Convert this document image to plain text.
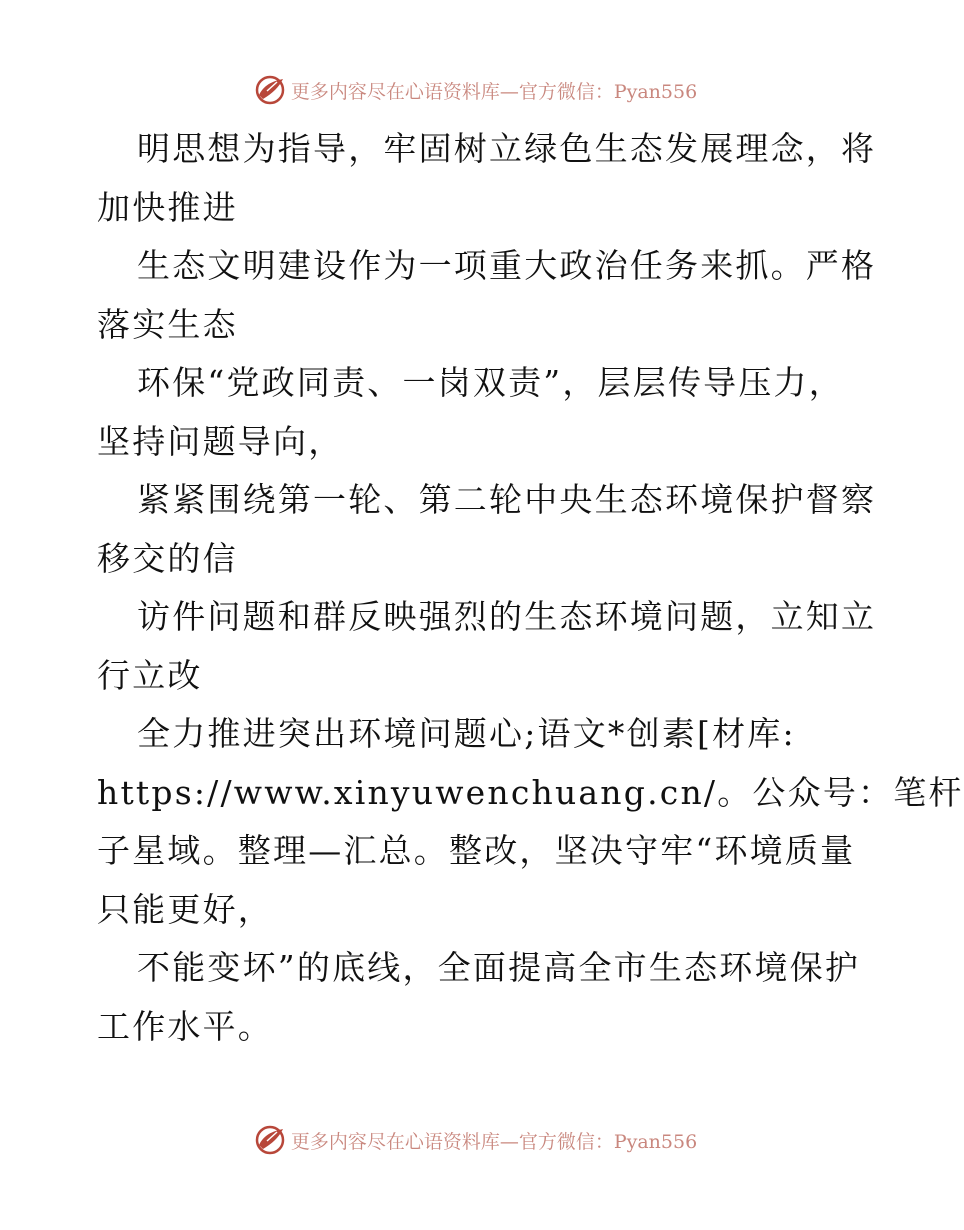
更多内容尽在心语资料库—官方微信：Pyan556
明思想为指导，牢固树立绿色生态发展理念，将
加快推进
生态文明建设作为一项重大政治任务来抓。严格
落实生态
环保“党政同责、一岗双责”，层层传导压力，
坚持问题导向，
紧紧围绕第一轮、第二轮中央生态环境保护督察
移交的信
访件问题和群反映强烈的生态环境问题，立知立
行立改
全力推进突出环境问题心;语文*创素[材库:
https://www.xinyuwenchuang.cn/。公众号：笔杆
子星域。整理—汇总。整改，坚决守牢“环境质量
只能更好，
不能变坏”的底线，全面提高全市生态环境保护
工作水平。
更多内容尽在心语资料库—官方微信：Pyan556
